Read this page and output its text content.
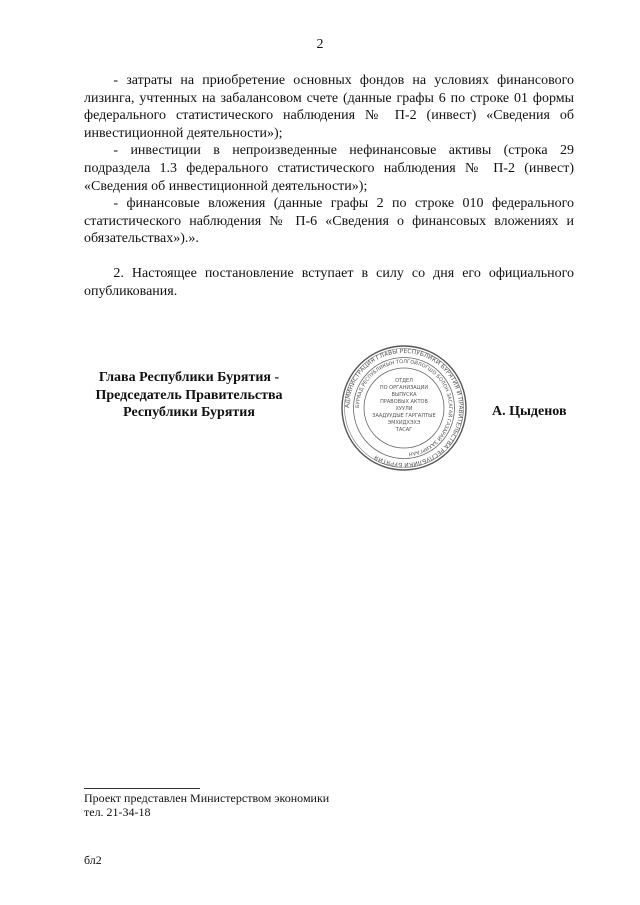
2

- затраты на приобретение основных фондов на условиях финансового лизинга, учтенных на забалансовом счете (данные графы 6 по строке 01 формы федерального статистического наблюдения № П-2 (инвест) «Сведения об инвестиционной деятельности»);

- инвестиции в непроизведенные нефинансовые активы (строка 29 подраздела 1.3 федерального статистического наблюдения № П-2 (инвест) «Сведения об инвестиционной деятельности»);

- финансовые вложения (данные графы 2 по строке 010 федерального статистического наблюдения № П-6 «Сведения о финансовых вложениях и обязательствах»).».

2. Настоящее постановление вступает в силу со дня его официального опубликования.

Глава Республики Бурятия -
Председатель Правительства
Республики Бурятия	АДМИНИСТРАЦИЯ ГЛАВЫ РЕСПУБЛИКИ БУРЯТИЯ И ПРАВИТЕЛЬСТВА РЕСПУБЛИКИ БУРЯТИЯ
БУРЯАД РЕСПУБЛИКЫН ТОЛГОЙЛОГШО БОЛОН ЗАСАГАЙ ГАЗАРАЙ ЗАХИРГААН
ОТДЕЛ
ПО ОРГАНИЗАЦИИ
ВЫПУСКА
ПРАВОВЫХ АКТОВ
ХУУЛИ
ЗААДУУДЫЕ ГАРГАЛТЫЕ
ЭМХИДХЭХЭ
ТАСАГ
А. Цыденов
Проект представлен Министерством экономики
тел. 21-34-18
бл2
